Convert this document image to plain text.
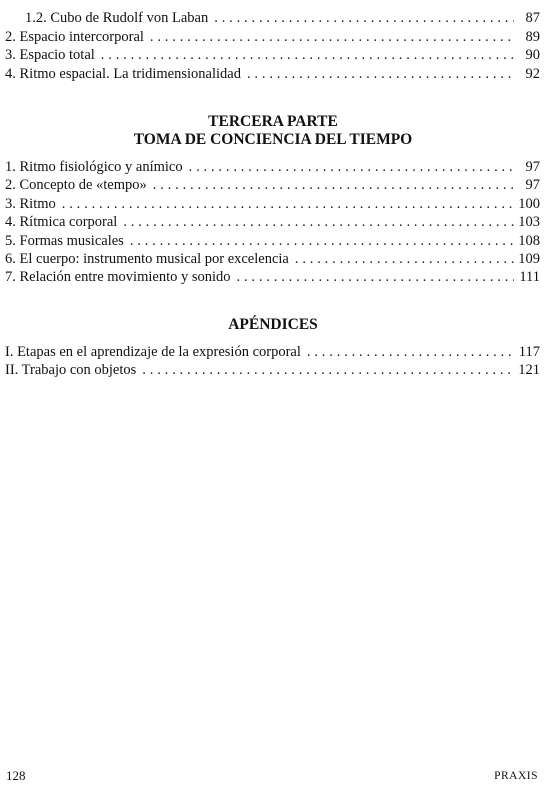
1.2. Cubo de Rudolf von Laban . . .	87
2. Espacio intercorporal . . .	89
3. Espacio total . . .	90
4. Ritmo espacial. La tridimensionalidad . . .	92
TERCERA PARTE
TOMA DE CONCIENCIA DEL TIEMPO
1. Ritmo fisiológico y anímico . . .	97
2. Concepto de «tempo» . . .	97
3. Ritmo . . .	100
4. Rítmica corporal . . .	103
5. Formas musicales . . .	108
6. El cuerpo: instrumento musical por excelencia . . .	109
7. Relación entre movimiento y sonido . . .	111
APÉNDICES
I. Etapas en el aprendizaje de la expresión corporal . . .	117
II. Trabajo con objetos . . .	121
128	PRAXIS
